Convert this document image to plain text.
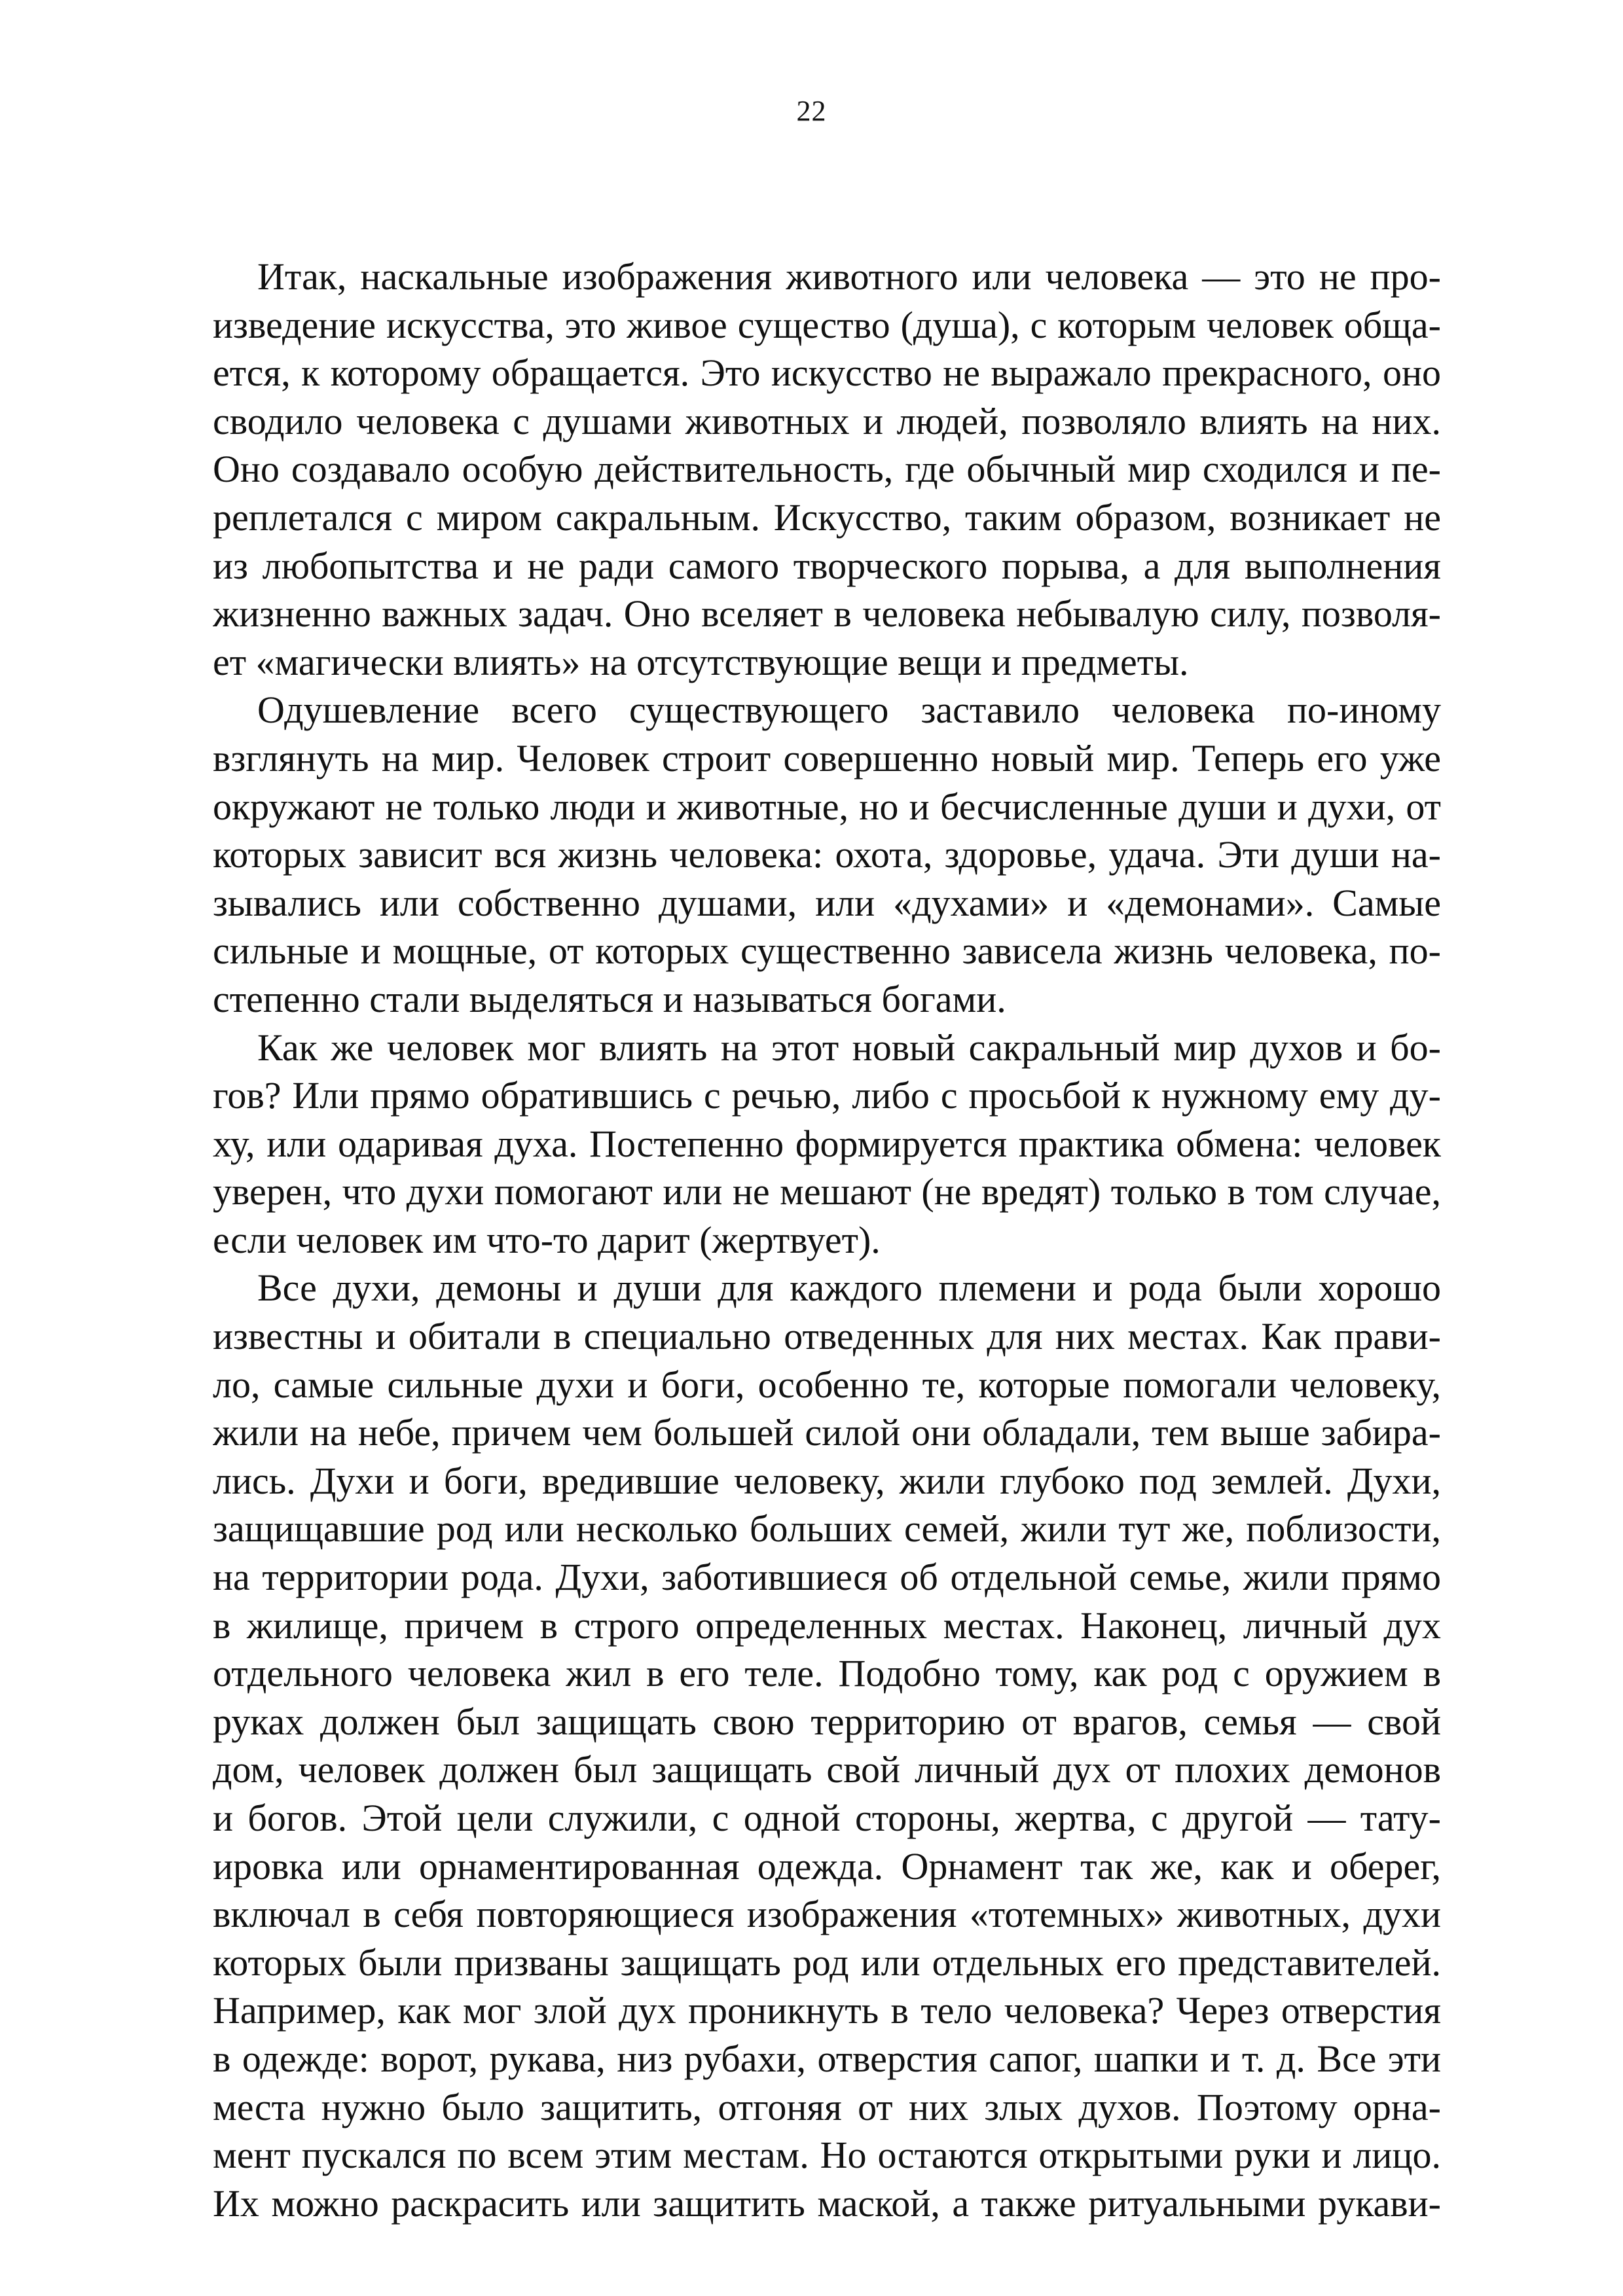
22
Итак, наскальные изображения животного или человека — это не про-
изведение искусства, это живое существо (душа), с которым человек обща-
ется, к которому обращается. Это искусство не выражало прекрасного, оно
сводило человека с душами животных и людей, позволяло влиять на них.
Оно создавало особую действительность, где обычный мир сходился и пе-
реплетался с миром сакральным. Искусство, таким образом, возникает не
из любопытства и не ради самого творческого порыва, а для выполнения
жизненно важных задач. Оно вселяет в человека небывалую силу, позволя-
ет «магически влиять» на отсутствующие вещи и предметы.
Одушевление всего существующего заставило человека по-иному
взглянуть на мир. Человек строит совершенно новый мир. Теперь его уже
окружают не только люди и животные, но и бесчисленные души и духи, от
которых зависит вся жизнь человека: охота, здоровье, удача. Эти души на-
зывались или собственно душами, или «духами» и «демонами». Самые
сильные и мощные, от которых существенно зависела жизнь человека, по-
степенно стали выделяться и называться богами.
Как же человек мог влиять на этот новый сакральный мир духов и бо-
гов? Или прямо обратившись с речью, либо с просьбой к нужному ему ду-
ху, или одаривая духа. Постепенно формируется практика обмена: человек
уверен, что духи помогают или не мешают (не вредят) только в том случае,
если человек им что-то дарит (жертвует).
Все духи, демоны и души для каждого племени и рода были хорошо
известны и обитали в специально отведенных для них местах. Как прави-
ло, самые сильные духи и боги, особенно те, которые помогали человеку,
жили на небе, причем чем большей силой они обладали, тем выше забира-
лись. Духи и боги, вредившие человеку, жили глубоко под землей. Духи,
защищавшие род или несколько больших семей, жили тут же, поблизости,
на территории рода. Духи, заботившиеся об отдельной семье, жили прямо
в жилище, причем в строго определенных местах. Наконец, личный дух
отдельного человека жил в его теле. Подобно тому, как род с оружием в
руках должен был защищать свою территорию от врагов, семья — свой
дом, человек должен был защищать свой личный дух от плохих демонов
и богов. Этой цели служили, с одной стороны, жертва, с другой — тату-
ировка или орнаментированная одежда. Орнамент так же, как и оберег,
включал в себя повторяющиеся изображения «тотемных» животных, духи
которых были призваны защищать род или отдельных его представителей.
Например, как мог злой дух проникнуть в тело человека? Через отверстия
в одежде: ворот, рукава, низ рубахи, отверстия сапог, шапки и т. д. Все эти
места нужно было защитить, отгоняя от них злых духов. Поэтому орна-
мент пускался по всем этим местам. Но остаются открытыми руки и лицо.
Их можно раскрасить или защитить маской, а также ритуальными рукави-
